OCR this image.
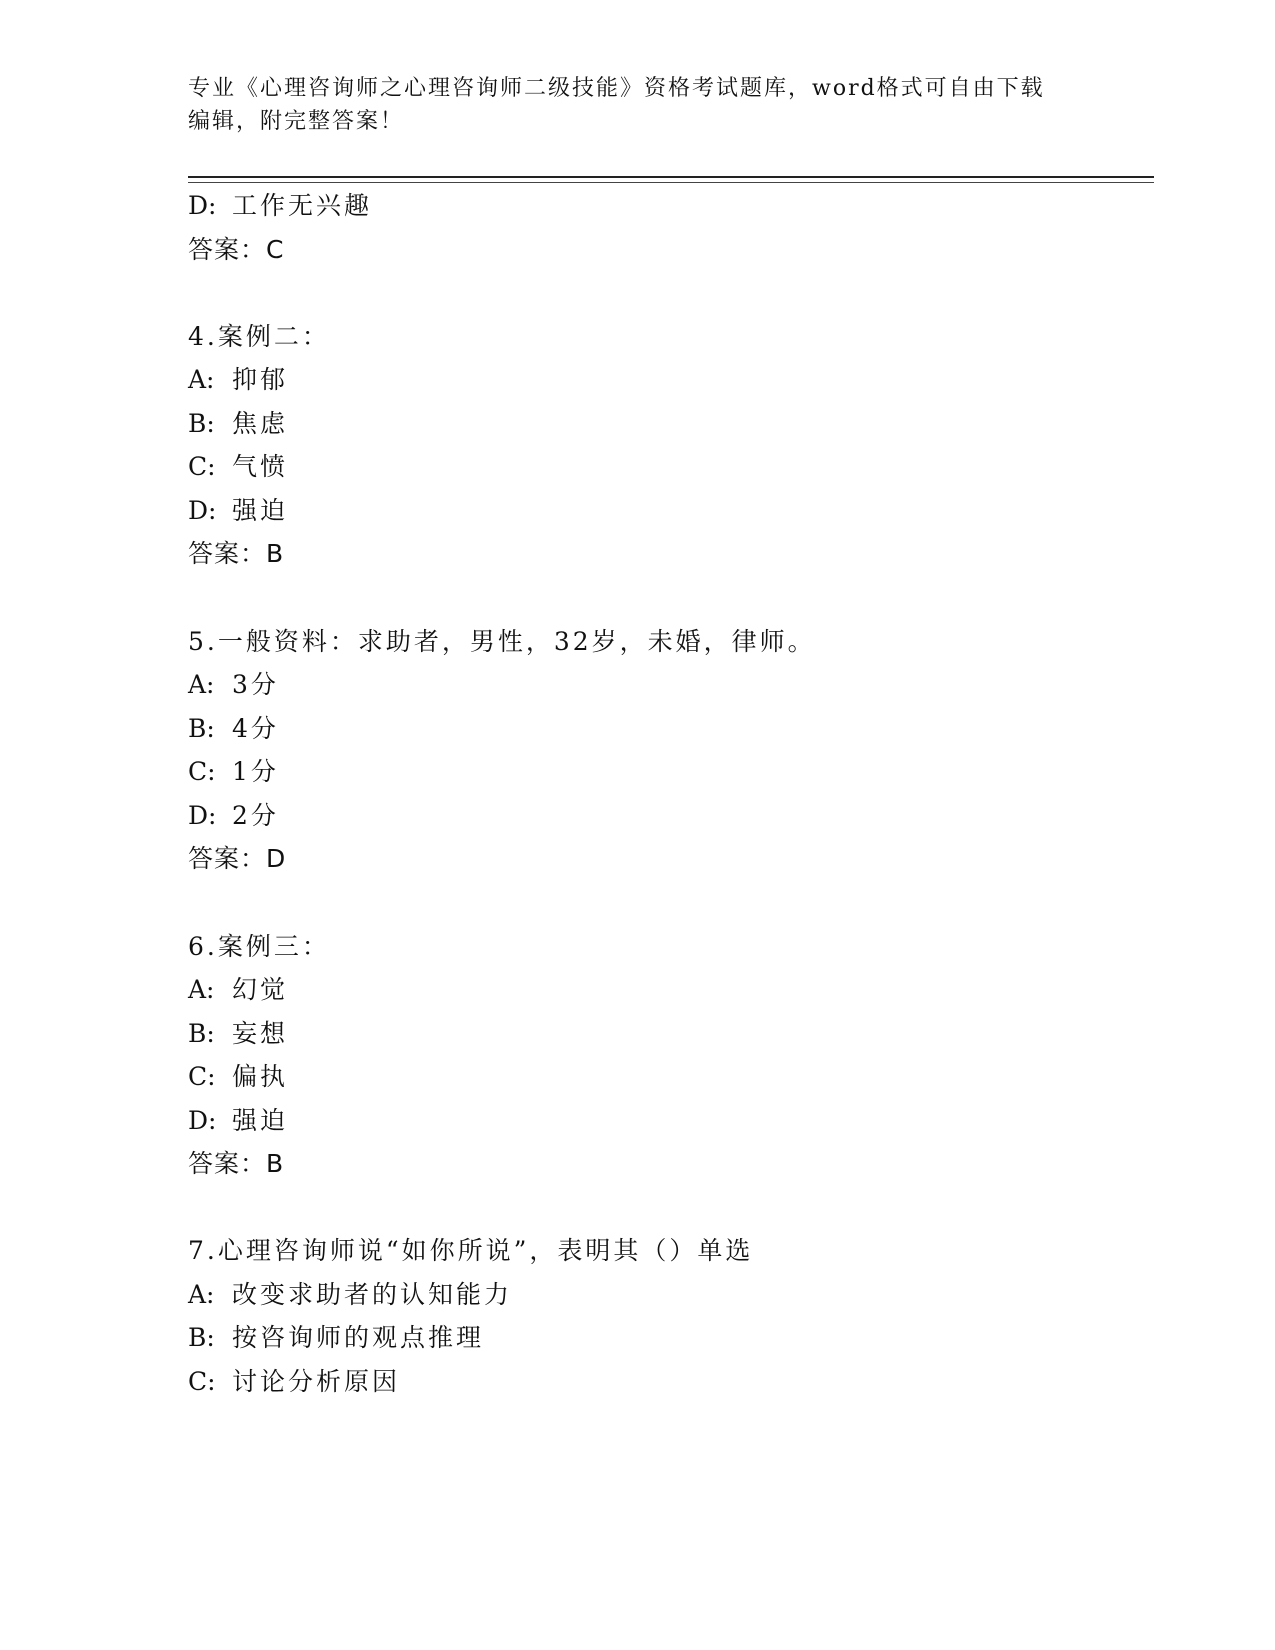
专业《心理咨询师之心理咨询师二级技能》资格考试题库，word格式可自由下载
编辑，附完整答案！
D: 工作无兴趣
答案：C
4.案例二：
A: 抑郁
B: 焦虑
C: 气愤
D: 强迫
答案：B
5.一般资料：求助者，男性，32岁，未婚，律师。
A: 3分
B: 4分
C: 1分
D: 2分
答案：D
6.案例三：
A: 幻觉
B: 妄想
C: 偏执
D: 强迫
答案：B
7.心理咨询师说“如你所说”，表明其（）单选
A: 改变求助者的认知能力
B: 按咨询师的观点推理
C: 讨论分析原因
